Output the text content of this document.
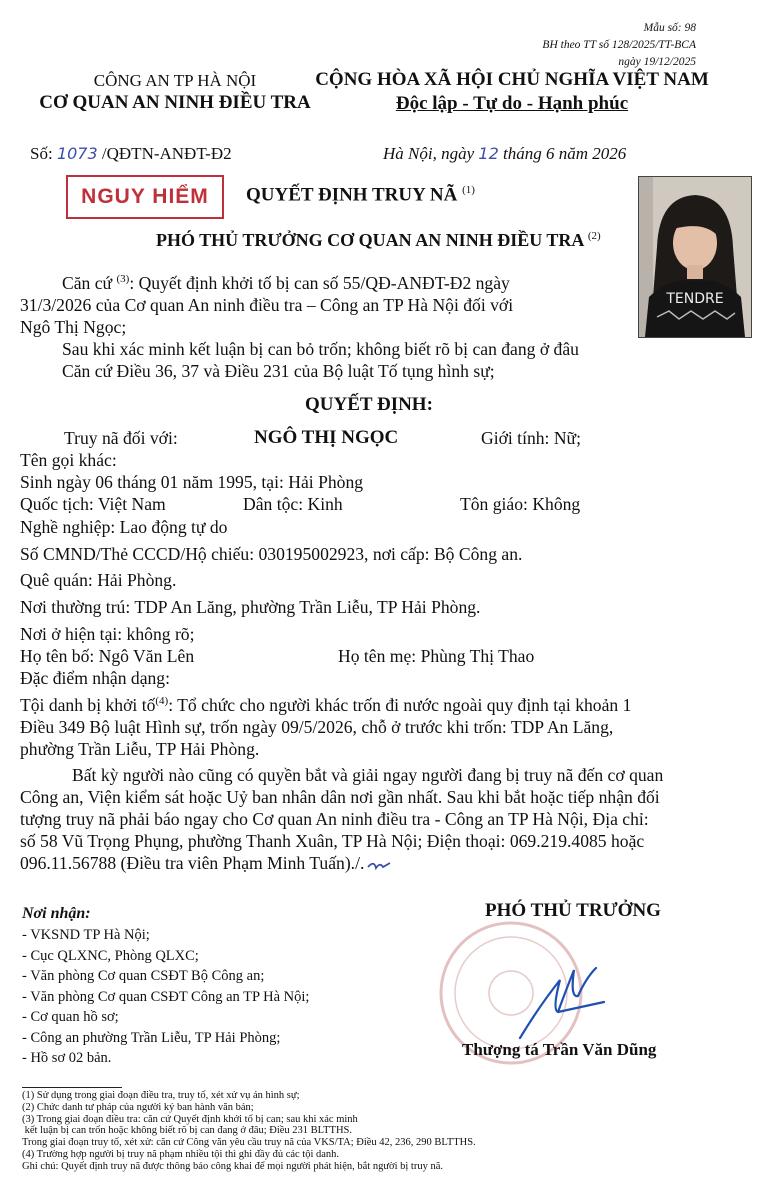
Mẫu số: 98
BH theo TT số 128/2025/TT-BCA
ngày 19/12/2025
CÔNG AN TP HÀ NỘI
CƠ QUAN AN NINH ĐIỀU TRA
CỘNG HÒA XÃ HỘI CHỦ NGHĨA VIỆT NAM
Độc lập - Tự do - Hạnh phúc
Số: 1073 /QĐTN-ANĐT-Đ2	Hà Nội, ngày 12 tháng 6 năm 2026
NGUY HIỂM	QUYẾT ĐỊNH TRUY NÃ $^{(1)}$
PHÓ THỦ TRƯỞNG CƠ QUAN AN NINH ĐIỀU TRA $^{(2)}$
TENDRE
Căn cứ $^{(3)}$: Quyết định khởi tố bị can số 55/QĐ-ANĐT-Đ2 ngày
31/3/2026 của Cơ quan An ninh điều tra – Công an TP Hà Nội đối với
Ngô Thị Ngọc;
Sau khi xác minh kết luận bị can bỏ trốn; không biết rõ bị can đang ở đâu
Căn cứ Điều 36, 37 và Điều 231 của Bộ luật Tố tụng hình sự;
QUYẾT ĐỊNH:
Truy nã đối với:	NGÔ THỊ NGỌC	Giới tính: Nữ;
Tên gọi khác:
Sinh ngày 06 tháng 01 năm 1995, tại: Hải Phòng
Quốc tịch: Việt Nam	Dân tộc: Kinh	Tôn giáo: Không
Nghề nghiệp: Lao động tự do
Số CMND/Thẻ CCCD/Hộ chiếu: 030195002923, nơi cấp: Bộ Công an.
Quê quán: Hải Phòng.
Nơi thường trú: TDP An Lăng, phường Trần Liễu, TP Hải Phòng.
Nơi ở hiện tại: không rõ;
Họ tên bố: Ngô Văn Lên	Họ tên mẹ: Phùng Thị Thao
Đặc điểm nhận dạng:
Tội danh bị khởi tố$^{(4)}$: Tổ chức cho người khác trốn đi nước ngoài quy định tại khoản 1
Điều 349 Bộ luật Hình sự, trốn ngày 09/5/2026, chỗ ở trước khi trốn: TDP An Lăng,
phường Trần Liễu, TP Hải Phòng.
Bất kỳ người nào cũng có quyền bắt và giải ngay người đang bị truy nã đến cơ quan
Công an, Viện kiểm sát hoặc Uỷ ban nhân dân nơi gần nhất. Sau khi bắt hoặc tiếp nhận đối
tượng truy nã phải báo ngay cho Cơ quan An ninh điều tra - Công an TP Hà Nội, Địa chỉ:
số 58 Vũ Trọng Phụng, phường Thanh Xuân, TP Hà Nội; Điện thoại: 069.219.4085 hoặc
096.11.56788 (Điều tra viên Phạm Minh Tuấn)./.
Nơi nhận:
- VKSND TP Hà Nội;
- Cục QLXNC, Phòng QLXC;
- Văn phòng Cơ quan CSĐT Bộ Công an;
- Văn phòng Cơ quan CSĐT Công an TP Hà Nội;
- Cơ quan hồ sơ;
- Công an phường Trần Liễu, TP Hải Phòng;
- Hồ sơ 02 bản.
PHÓ THỦ TRƯỞNG
Thượng tá Trần Văn Dũng
(1) Sử dụng trong giai đoạn điều tra, truy tố, xét xử vụ án hình sự;
(2) Chức danh tư pháp của người ký ban hành văn bản;
(3) Trong giai đoạn điều tra: căn cứ Quyết định khởi tố bị can; sau khi xác minh
kết luận bị can trốn hoặc không biết rõ bị can đang ở đâu; Điều 231 BLTTHS.
Trong giai đoạn truy tố, xét xử: căn cứ Công văn yêu cầu truy nã của VKS/TA; Điều 42, 236, 290 BLTTHS.
(4) Trường hợp người bị truy nã phạm nhiều tội thì ghi đầy đủ các tội danh.
Ghi chú: Quyết định truy nã được thông báo công khai để mọi người phát hiện, bắt người bị truy nã.
